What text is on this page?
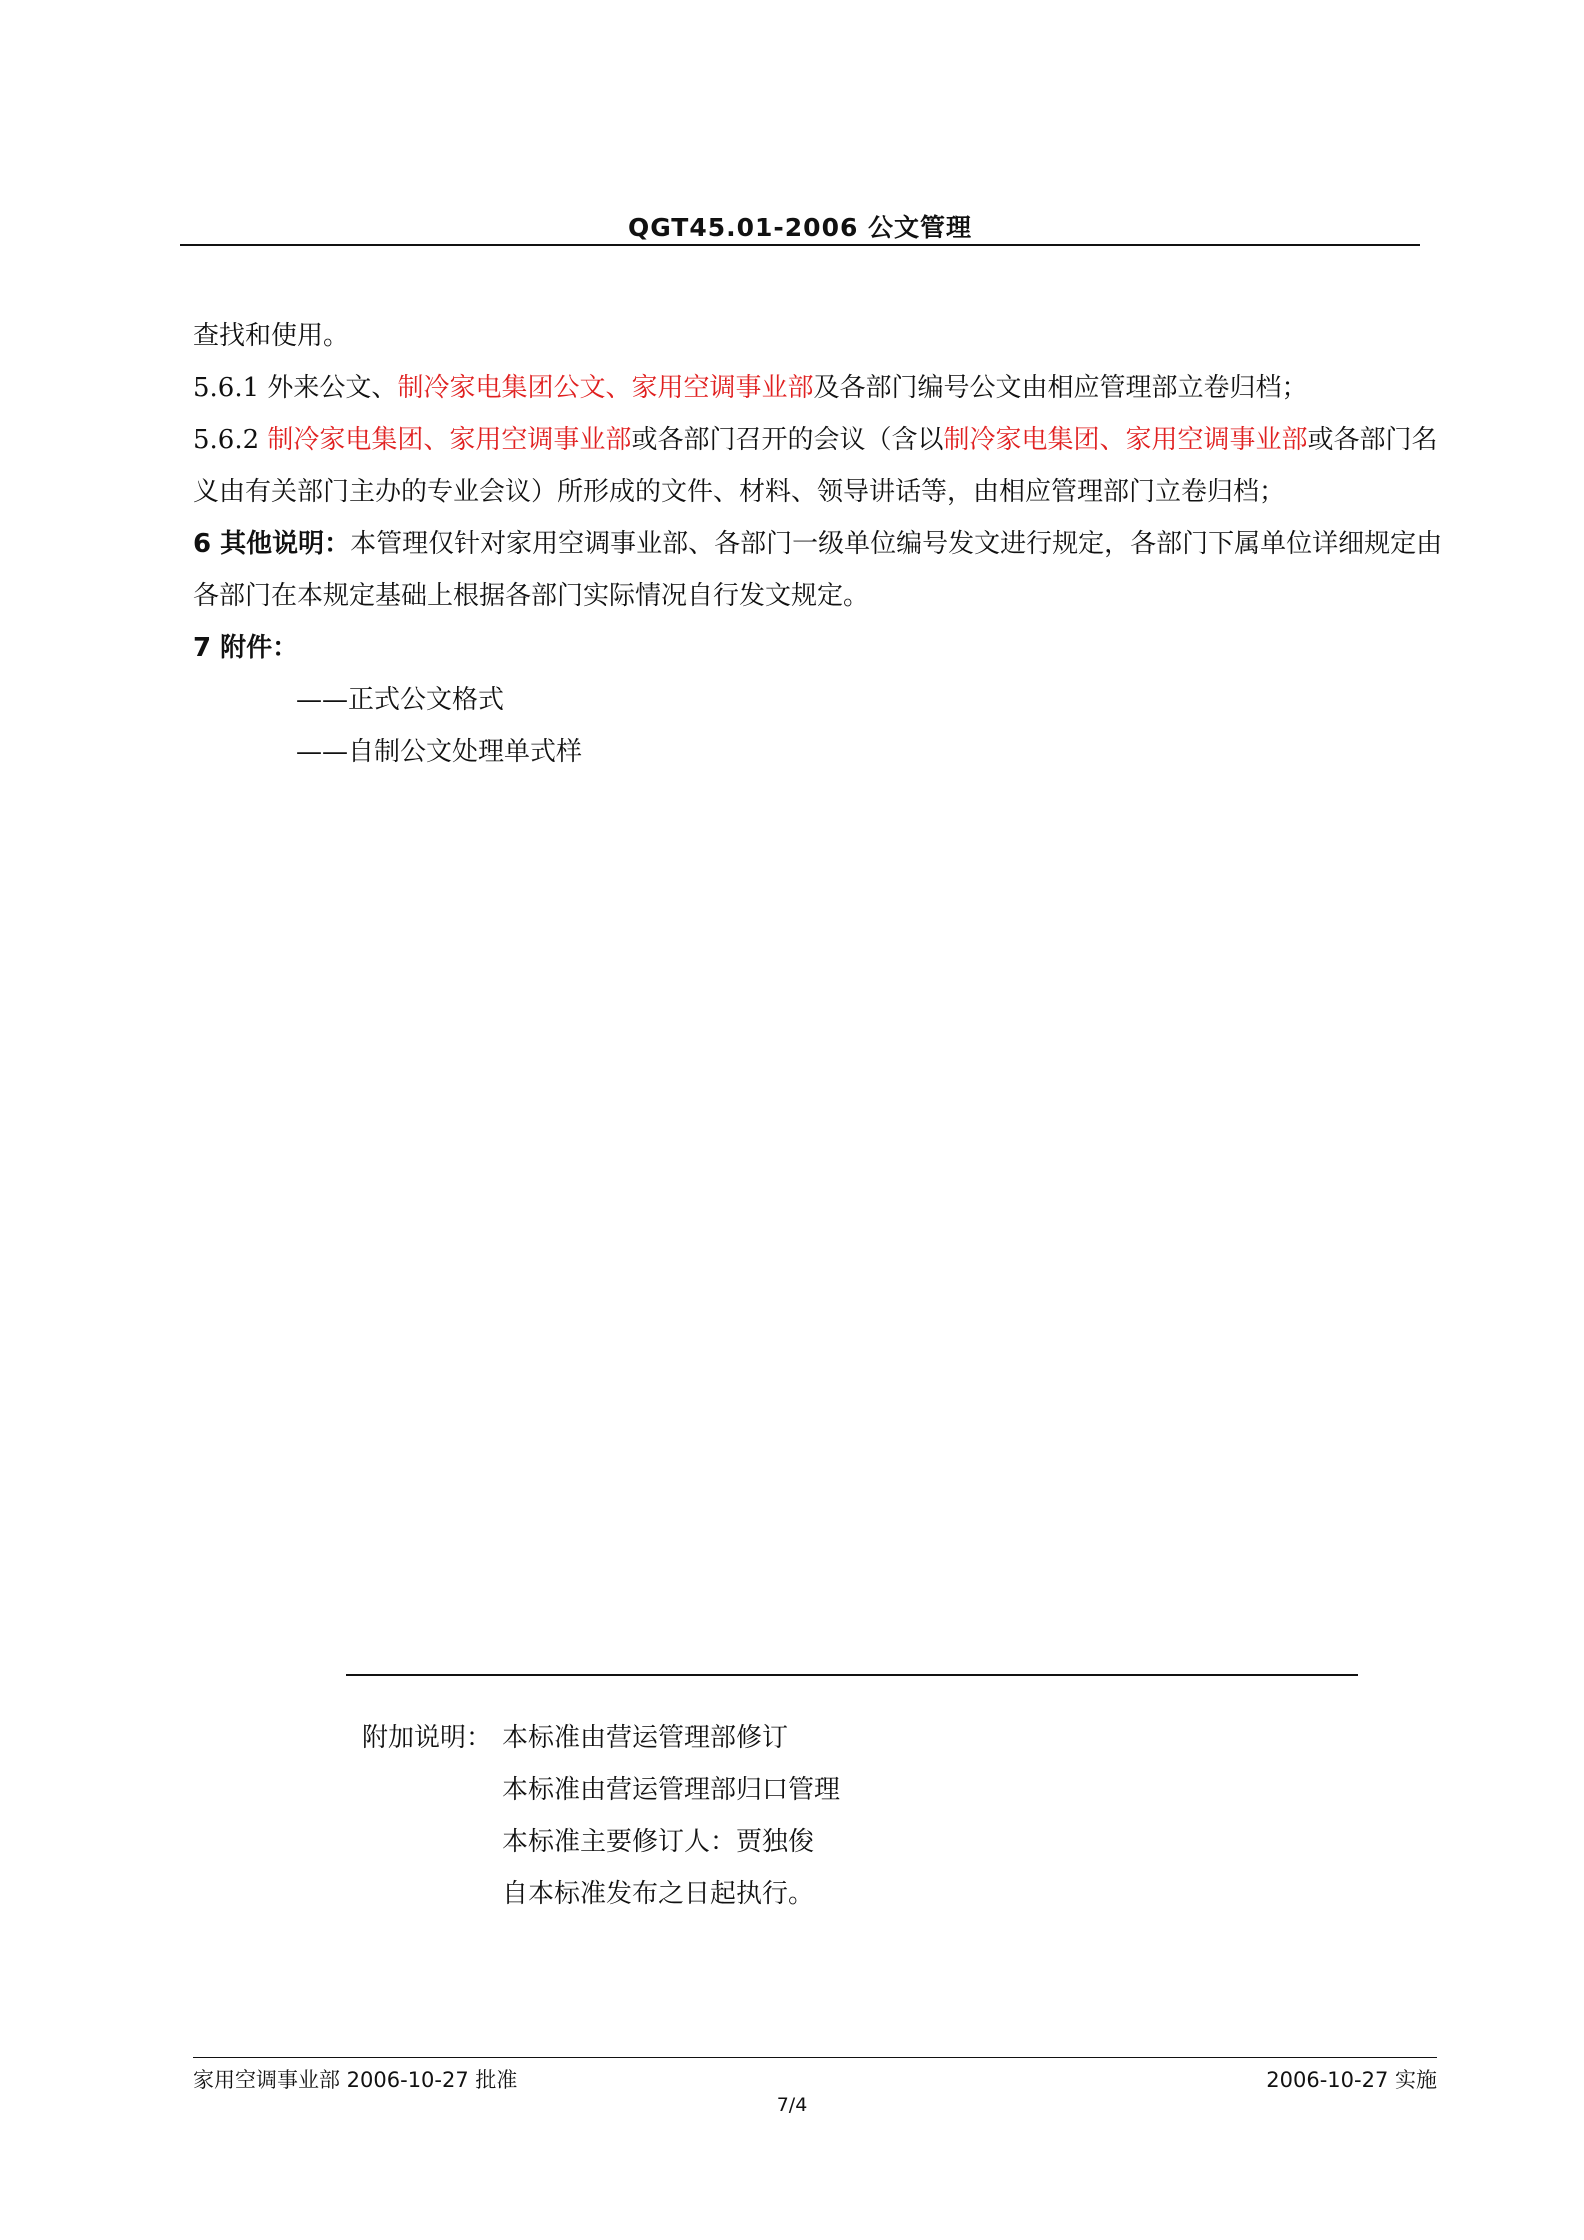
QGT45.01-2006 公文管理
查找和使用。
5.6.1 外来公文、制冷家电集团公文、家用空调事业部及各部门编号公文由相应管理部立卷归档；
5.6.2 制冷家电集团、家用空调事业部或各部门召开的会议（含以制冷家电集团、家用空调事业部或各部门名义由有关部门主办的专业会议）所形成的文件、材料、领导讲话等，由相应管理部门立卷归档；
6 其他说明：本管理仅针对家用空调事业部、各部门一级单位编号发文进行规定，各部门下属单位详细规定由各部门在本规定基础上根据各部门实际情况自行发文规定。
7 附件：
——正式公文格式
——自制公文处理单式样
附加说明： 本标准由营运管理部修订
本标准由营运管理部归口管理
本标准主要修订人：贾独俊
自本标准发布之日起执行。
家用空调事业部 2006-10-27 批准	2006-10-27 实施
7/4
